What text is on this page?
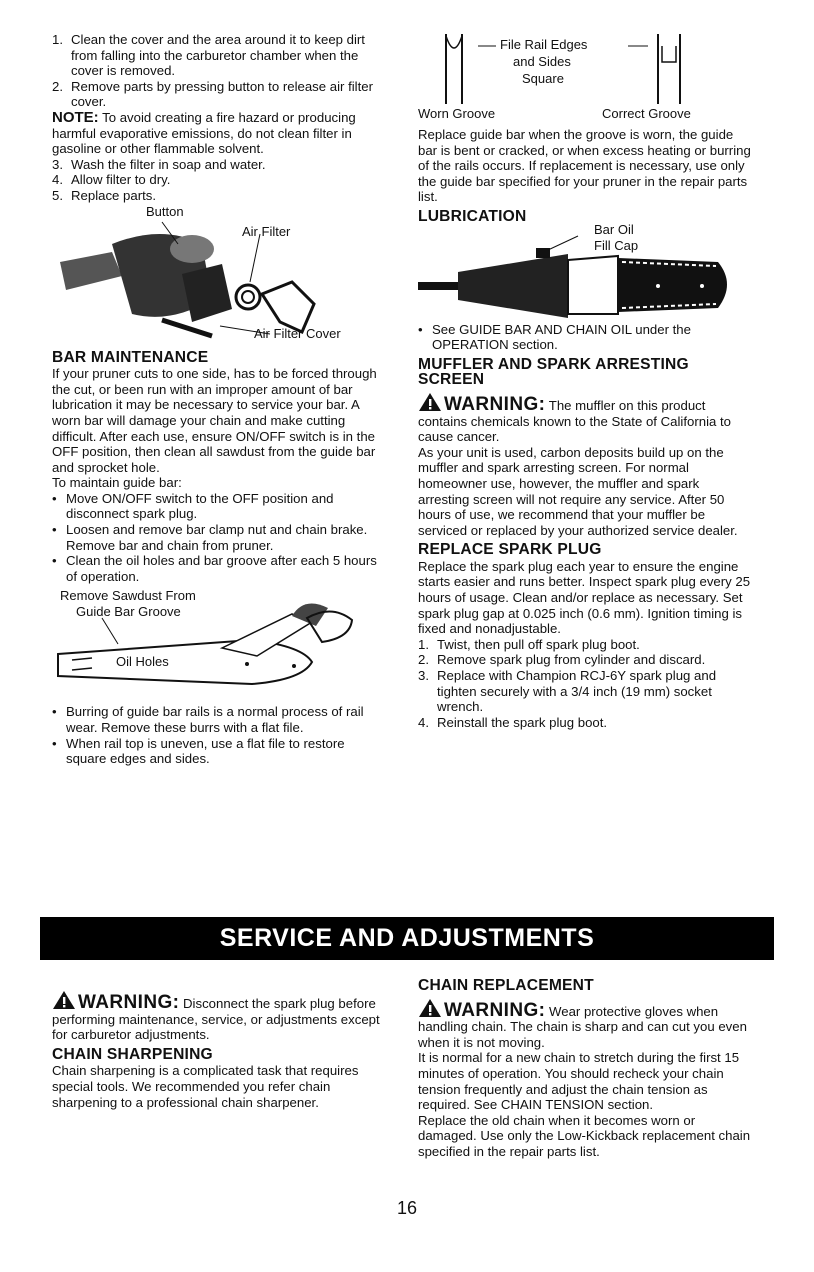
1. Clean the cover and the area around it to keep dirt from falling into the carburetor chamber when the cover is removed.
2. Remove parts by pressing button to release air filter cover.

NOTE: To avoid creating a fire hazard or producing harmful evaporative emissions, do not clean filter in gasoline or other flammable solvent.

3. Wash the filter in soap and water.
4. Allow filter to dry.
5. Replace parts.
Button
Air Filter
Air Filter Cover
BAR MAINTENANCE

If your pruner cuts to one side, has to be forced through the cut, or been run with an improper amount of bar lubrication it may be necessary to service your bar. A worn bar will damage your chain and make cutting difficult. After each use, ensure ON/OFF switch is in the OFF position, then clean all sawdust from the guide bar and sprocket hole.

To maintain guide bar:

• Move ON/OFF switch to the OFF position and disconnect spark plug.
• Loosen and remove bar clamp nut and chain brake. Remove bar and chain from pruner.
• Clean the oil holes and bar groove after each 5 hours of operation.
Remove Sawdust From
Guide Bar Groove
Oil Holes
• Burring of guide bar rails is a normal process of rail wear. Remove these burrs with a flat file.
• When rail top is uneven, use a flat file to restore square edges and sides.
File Rail Edges
and Sides
Square
Worn Groove	Correct Groove

Replace guide bar when the groove is worn, the guide bar is bent or cracked, or when excess heating or burring of the rails occurs. If replacement is necessary, use only the guide bar specified for your pruner in the repair parts list.

LUBRICATION
Bar Oil
Fill Cap
• See GUIDE BAR AND CHAIN OIL under the OPERATION section.
MUFFLER AND SPARK ARRESTING SCREEN

WARNING: The muffler on this product contains chemicals known to the State of California to cause cancer.

As your unit is used, carbon deposits build up on the muffler and spark arresting screen. For normal homeowner use, however, the muffler and spark arresting screen will not require any service. After 50 hours of use, we recommend that your muffler be serviced or replaced by your authorized service dealer.

REPLACE SPARK PLUG

Replace the spark plug each year to ensure the engine starts easier and runs better. Inspect spark plug every 25 hours of usage. Clean and/or replace as necessary. Set spark plug gap at 0.025 inch (0.6 mm). Ignition timing is fixed and nonadjustable.

1. Twist, then pull off spark plug boot.
2. Remove spark plug from cylinder and discard.
3. Replace with Champion RCJ-6Y spark plug and tighten securely with a 3/4 inch (19 mm) socket wrench.
4. Reinstall the spark plug boot.
SERVICE AND ADJUSTMENTS

WARNING: Disconnect the spark plug before performing maintenance, service, or adjustments except for carburetor adjustments.

CHAIN SHARPENING

Chain sharpening is a complicated task that requires special tools. We recommended you refer chain sharpening to a professional chain sharpener.

CHAIN REPLACEMENT

WARNING: Wear protective gloves when handling chain. The chain is sharp and can cut you even when it is not moving.

It is normal for a new chain to stretch during the first 15 minutes of operation. You should recheck your chain tension frequently and adjust the chain tension as required. See CHAIN TENSION section.

Replace the old chain when it becomes worn or damaged. Use only the Low-Kickback replacement chain specified in the repair parts list.

16
